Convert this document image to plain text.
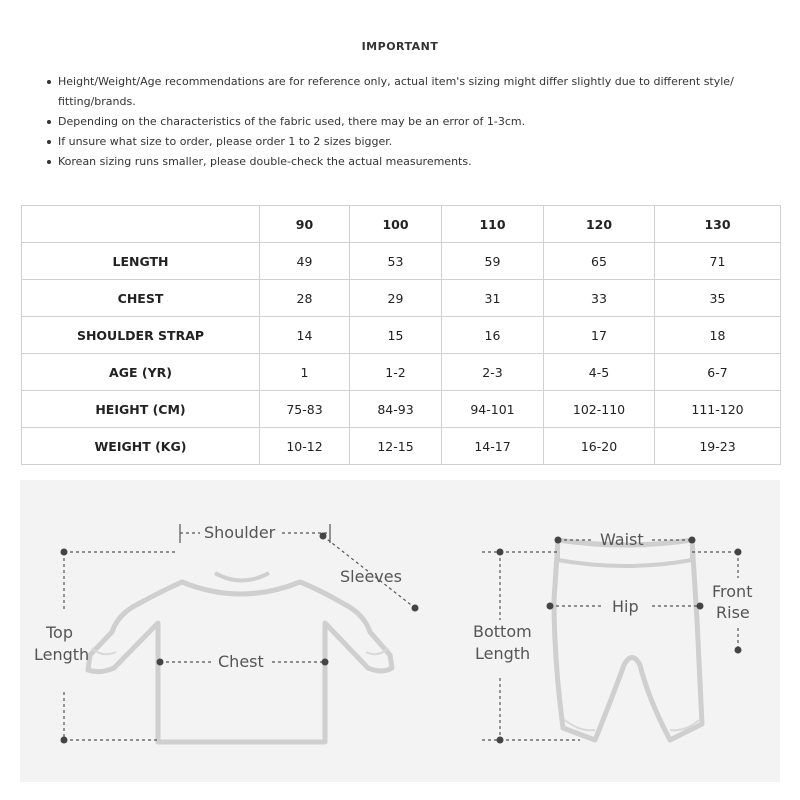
IMPORTANT
Height/Weight/Age recommendations are for reference only, actual item's sizing might differ slightly due to different style/ fitting/brands.
Depending on the characteristics of the fabric used, there may be an error of 1-3cm.
If unsure what size to order, please order 1 to 2 sizes bigger.
Korean sizing runs smaller, please double-check the actual measurements.
	90	100	110	120	130
LENGTH	49	53	59	65	71
CHEST	28	29	31	33	35
SHOULDER STRAP	14	15	16	17	18
AGE (YR)	1	1-2	2-3	4-5	6-7
HEIGHT (CM)	75-83	84-93	94-101	102-110	111-120
WEIGHT (KG)	10-12	12-15	14-17	16-20	19-23
Shoulder
Sleeves
Top
Length	Chest
Waist
Front
Rise
Hip
Bottom
Length
